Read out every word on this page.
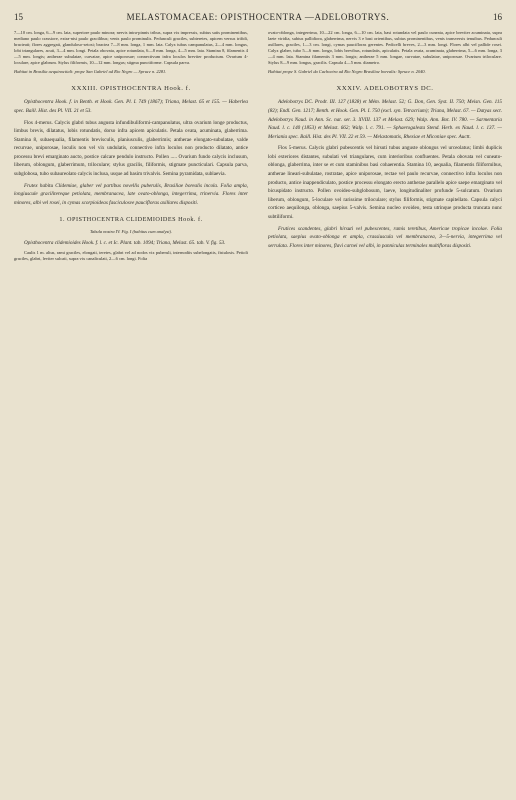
15	MELASTOMACEAE: OPISTHOCENTRA —ADELOBOTRYS.	16

7—10 cm. longa, 6—9 cm. lata, superiore paulo minora; nervis intra-pinnis tribus, supra vix impressis, subtus satis prominentibus, mediano paulo crassiore, extra-nisi paulo gracilibus; venis paulo prominulis. Pedunculi graciles, subteretes, apicem versus trifidi, bracteati; flores aggregati, glanduloso-setosi; bractea 7—8 mm. longa, 1 mm. lata. Calyx tubus campanulatus, 2—4 mm. longus, lobi triangulares, acuti, 3—4 mm. longi. Petala obovata, apice rotundata, 6—8 mm. longa, 4—5 mm. lata. Stamina 8, filamentis 4—5 mm. longis; antherae subulatae, curvatae, apice uniporosae; connectivum infra loculos breviter productum. Ovarium 4-loculare, apice glabrum. Stylus filiformis, 10—12 mm. longus; stigma punctiforme. Capsula parva.

Habitat in Brasilia aequinoctiali: prope San Gabriel ad Rio Negro — Spruce n. 2281.

XXXIII. OPISTHOCENTRA Hook. f.

Opisthocentra Hook. f. in Benth. et Hook. Gen. Pl. I. 749 (1867); Triana, Melast. 65 et 155. — Haberlea spec. Baill. Hist. des Pl. VII. 21 et 53.

Flos 4-merus. Calycis glabri tubus angusta infundibuliformi-campanulatus, ultra ovarium longe productus, limbus brevis, dilatatus, lobis rotundatis, dorso infra apicem apiculatis. Petala ovata, acuminata, glaberrima. Stamina 8, subaequalia, filamentis brevisculis, planiusculis, glaberrimis; antherae elongato-subulatae, valde recurvae, uniporosae, loculis non vel vix undulatis, connectivo infra loculos non producto dilatato, antice processu brevi emarginato aucto, postice calcare pendulo instructo. Pollen ..... Ovarium fundo calycis inclusum, liberum, oblongum, glaberrimum, triloculare; stylus gracilis, filiformis, stigmate puncticulari. Capsula parva, subglobosa, tubo subaureolato calycis inclusa, usque ad basim trivalvis. Semina pyramidata, sublaevia.

Frutex habitu Clidemiae, glaber vel partibus novellis puberulis, Brasiliae borealis incola. Folia ampla, longiuscule gracilitereque petiolata, membranacea, late ovato-oblonga, integerrima, trinervia. Flores inter minores, albi vel rosei, in cymas scorpioideas fasciculosve paucifloras axillares dispositi.

1. OPISTHOCENTRA CLIDEMIOIDES Hook. f.

Tabula nostra IV. Fig. I (habitus cum analysi).

Opisthocentra clidemioides Hook. f. l. c. et Ic. Plant. tab. 1094; Triana, Melast. 65. tab. V. fig. 53.

Caulis 1 m. altus, rami graciles, elongati, teretes, glabri vel ad nodos vix puberuli, internodiis subelongatis, fistulosis. Petioli graciles, glabri, leviter sulcati, supra vix canaliculati, 2—6 cm. longi. Folia

ovato-oblonga, integerrima, 10—22 cm. longa, 6—10 cm. lata, basi rotundata vel paulo cuneata, apice breviter acuminata, supra laete viridia, subtus pallidiora, glaberrima, nervis 3 e basi orientibus, subtus prominentibus, venis transversis tenuibus. Pedunculi axillares, graciles, 1—3 cm. longi, cymas paucifloras gerentes. Pedicelli breves, 2—3 mm. longi. Flores albi vel pallide rosei. Calyx glaber, tubo 5—6 mm. longo, lobis brevibus, rotundatis, apiculatis. Petala ovata, acuminata, glaberrima, 5—6 mm. longa, 3—4 mm. lata. Stamina filamentis 3 mm. longis; antherae 5 mm. longae, curvatae, subulatae, uniporosae. Ovarium triloculare. Stylus 8—9 mm. longus, gracilis. Capsula 4—5 mm. diametro.

Habitat prope S. Gabriel da Cachoeira ad Rio Negro Brasiliae borealis: Spruce n. 2040.

XXXIV. ADELOBOTRYS DC.

Adelobotrys DC. Prodr. III. 127 (1828) et Mém. Melast. 52; G. Don, Gen. Syst. II. 750; Meisn. Gen. 115 (82); Endl. Gen. 1217; Benth. et Hook. Gen. Pl. I. 750 (excl. syn. Tetracrium); Triana, Melast. 67. — Datyas sect. Adelobotrys Naud. in Ann. Sc. nat. ser. 3. XVIII. 137 et Melast. 629; Walp. Ann. Bot. IV. 780. — Sarmentaria Naud. l. c. 140 (1853) et Melast. 662; Walp. l. c. 791. — Sphaerogalesta Stend. Herb. ex Naud. l. c. 137. — Meriania spec. Baill. Hist. des Pl. VII. 22 et 59. — Melastomatis, Rhexiae et Miconiae spec. Auctt.

Flos 5-merus. Calycis glabri pubescentis vel hirsuti tubus anguste oblongus vel urceolatus; limbi duplicis lobi exteriores distantes, subulati vel triangulares, cum interioribus confluentes. Petala obovata vel cuneato-oblonga, glaberrima, inter se et cum staminibus basi cohaerentia. Stamina 10, aequalia, filamentis filiformibus, antherae lineari-subulatae, rostratae, apice uniporosae, rectae vel paulo recurvae, connectivo infra loculos non producto, antice inappendiculato, postice processu elongato erecto antherae parallelo apice saepe emarginato vel bicuspidato instructo. Pollen ovoideo-subglobosum, laeve, longitudinaliter profunde 5-sulcatum. Ovarium liberum, oblongum, 5-loculare vel rarissime triloculare; stylus filiformis, stigmate capitellato. Capsula calyci corticeo aequilonga, oblonga, saepius 5-valvis. Semina nucleo ovoideo, testa utrinque producta truncata nunc subtiliformi.

Frutices scandentes, glabri hirsuti vel pubescentes, ramis teretibus, Americae tropicae incolae. Folia petiolata, saepius ovato-oblonga et ampla, crassiuscula vel membranacea, 3—5-nervia, integerrima vel serrulata. Flores inter minores, flavi carnei vel albi, in panniculas terminales multifloras dispositi.
